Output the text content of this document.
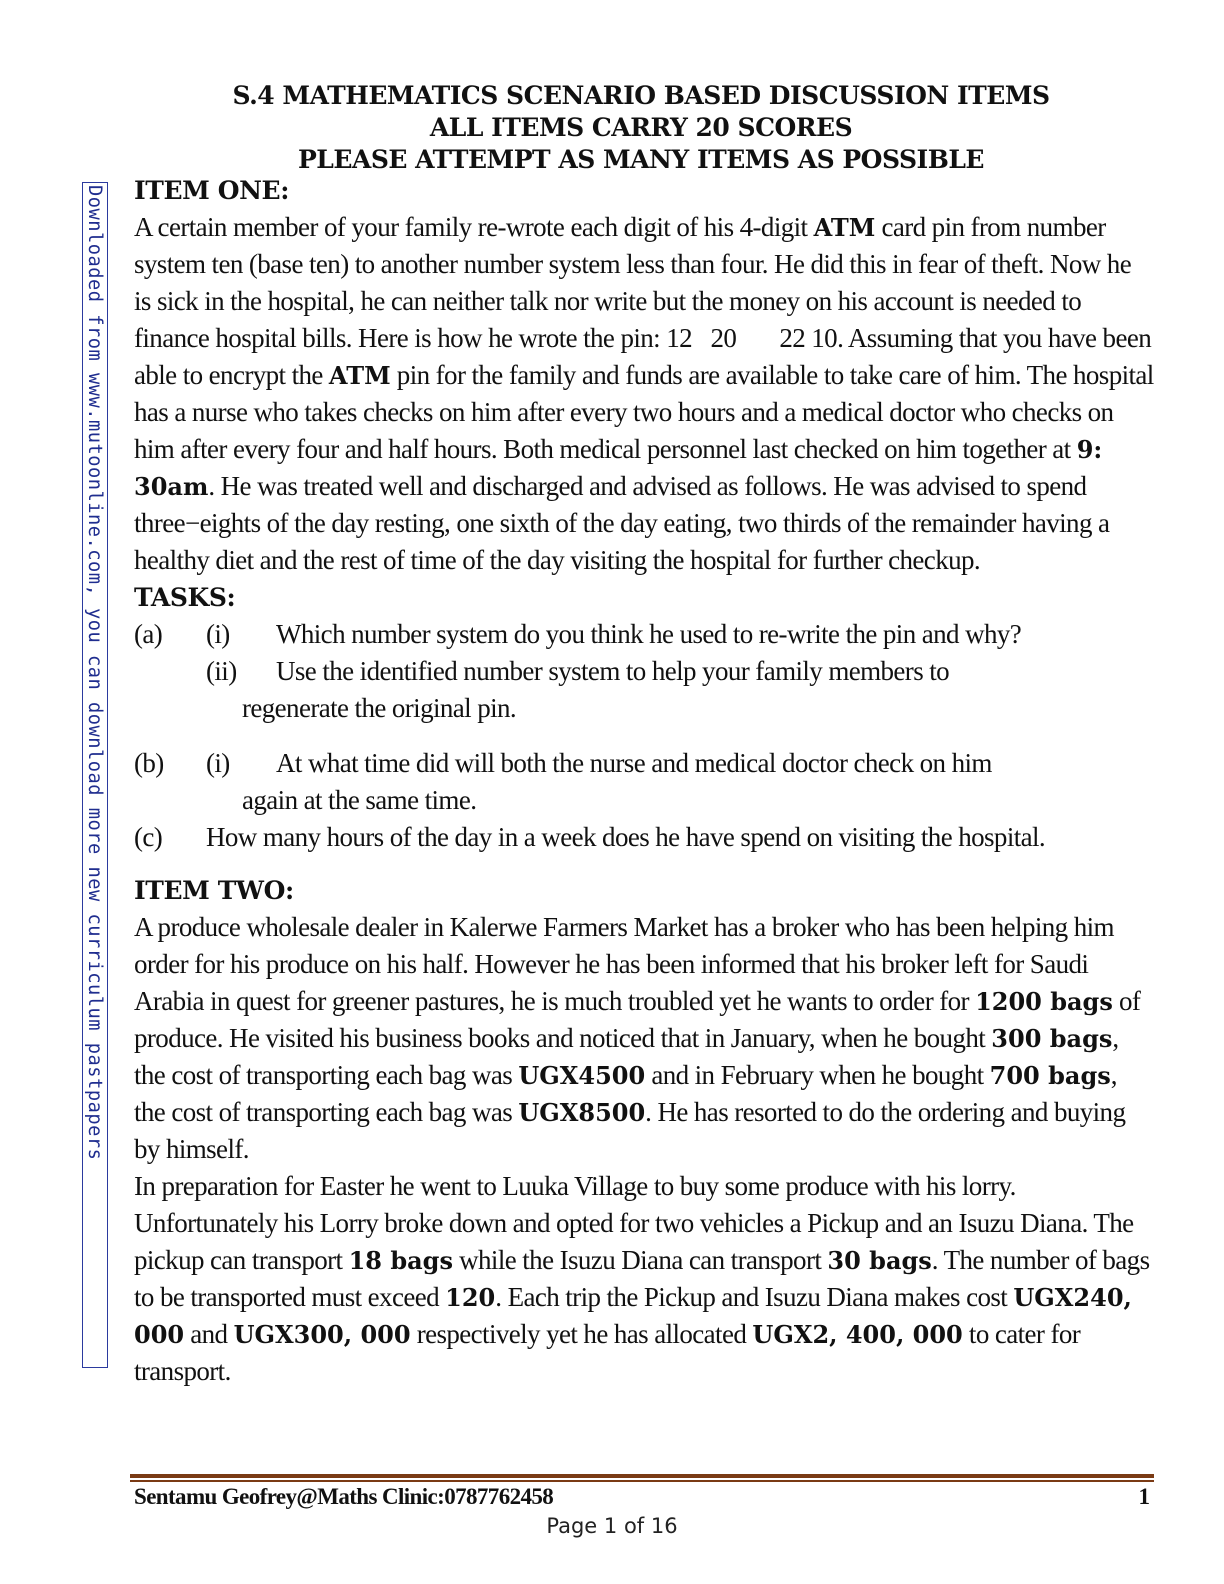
S.4 MATHEMATICS SCENARIO BASED DISCUSSION ITEMS
ALL ITEMS CARRY 20 SCORES
PLEASE ATTEMPT AS MANY ITEMS AS POSSIBLE
Downloaded from www.mutoonline.com, you can download more new curriculum pastpapers ITEM ONE:

A certain member of your family re-wrote each digit of his 4-digit ATM card pin from number system ten (base ten) to another number system less than four. He did this in fear of theft. Now he is sick in the hospital, he can neither talk nor write but the money on his account is needed to finance hospital bills. Here is how he wrote the pin: 12   20       22 10. Assuming that you have been able to encrypt the ATM pin for the family and funds are available to take care of him. The hospital has a nurse who takes checks on him after every two hours and a medical doctor who checks on him after every four and half hours. Both medical personnel last checked on him together at 9: 30am. He was treated well and discharged and advised as follows. He was advised to spend three−eights of the day resting, one sixth of the day eating, two thirds of the remainder having a healthy diet and the rest of time of the day visiting the hospital for further checkup.

TASKS:
(a) (i)	Which number system do you think he used to re-write the pin and why?
(ii)	Use the identified number system to help your family members to
regenerate the original pin.
(b) (i)	At what time did will both the nurse and medical doctor check on him
again at the same time.
(c)	How many hours of the day in a week does he have spend on visiting the hospital.
ITEM TWO:

A produce wholesale dealer in Kalerwe Farmers Market has a broker who has been helping him order for his produce on his half. However he has been informed that his broker left for Saudi Arabia in quest for greener pastures, he is much troubled yet he wants to order for 1200 bags of produce. He visited his business books and noticed that in January, when he bought 300 bags, the cost of transporting each bag was UGX4500 and in February when he bought 700 bags, the cost of transporting each bag was UGX8500. He has resorted to do the ordering and buying by himself.

In preparation for Easter he went to Luuka Village to buy some produce with his lorry. Unfortunately his Lorry broke down and opted for two vehicles a Pickup and an Isuzu Diana. The pickup can transport 18 bags while the Isuzu Diana can transport 30 bags. The number of bags to be transported must exceed 120. Each trip the Pickup and Isuzu Diana makes cost UGX240, 000 and UGX300, 000 respectively yet he has allocated UGX2, 400, 000 to cater for transport.

Sentamu Geofrey@Maths Clinic:0787762458	1
Page 1 of 16
